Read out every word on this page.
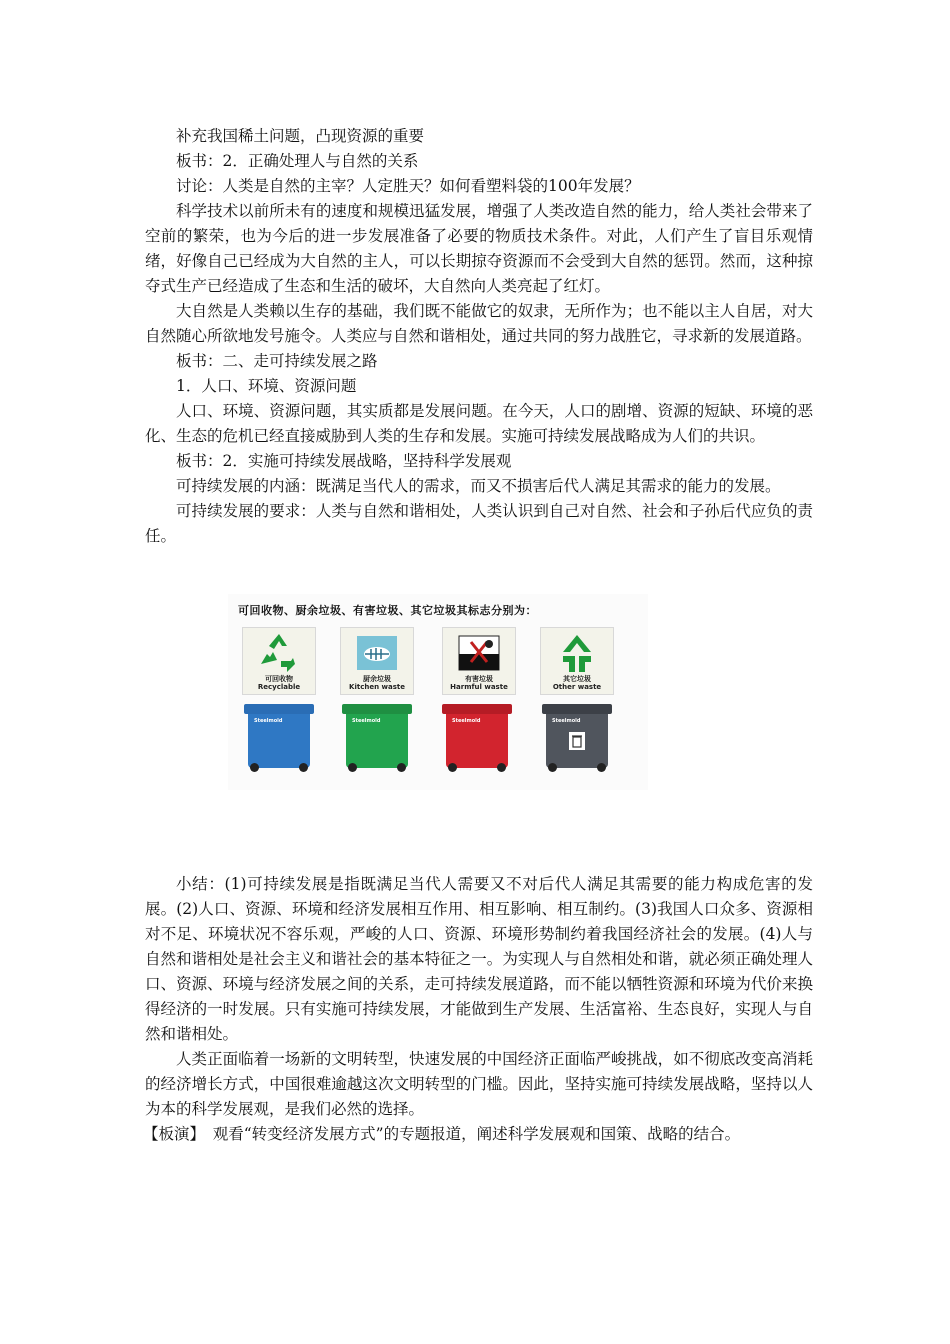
补充我国稀土问题，凸现资源的重要

板书：2．正确处理人与自然的关系

讨论：人类是自然的主宰？人定胜天？如何看塑料袋的100年发展？

科学技术以前所未有的速度和规模迅猛发展，增强了人类改造自然的能力，给人类社会带来了空前的繁荣，也为今后的进一步发展准备了必要的物质技术条件。对此，人们产生了盲目乐观情绪，好像自己已经成为大自然的主人，可以长期掠夺资源而不会受到大自然的惩罚。然而，这种掠夺式生产已经造成了生态和生活的破坏，大自然向人类亮起了红灯。

大自然是人类赖以生存的基础，我们既不能做它的奴隶，无所作为；也不能以主人自居，对大自然随心所欲地发号施令。人类应与自然和谐相处，通过共同的努力战胜它，寻求新的发展道路。

板书：二、走可持续发展之路

1．人口、环境、资源问题

人口、环境、资源问题，其实质都是发展问题。在今天，人口的剧增、资源的短缺、环境的恶化、生态的危机已经直接威胁到人类的生存和发展。实施可持续发展战略成为人们的共识。

板书：2．实施可持续发展战略，坚持科学发展观

可持续发展的内涵：既满足当代人的需求，而又不损害后代人满足其需求的能力的发展。

可持续发展的要求：人类与自然和谐相处，人类认识到自己对自然、社会和子孙后代应负的责任。

可回收物、厨余垃圾、有害垃圾、其它垃圾其标志分别为：
可回收物
Recyclable
厨余垃圾
Kitchen waste
有害垃圾
Harmful waste
其它垃圾
Other waste
Steelmold	Steelmold	Steelmold	Steelmold

小结：(1)可持续发展是指既满足当代人需要又不对后代人满足其需要的能力构成危害的发展。(2)人口、资源、环境和经济发展相互作用、相互影响、相互制约。(3)我国人口众多、资源相对不足、环境状况不容乐观，严峻的人口、资源、环境形势制约着我国经济社会的发展。(4)人与自然和谐相处是社会主义和谐社会的基本特征之一。为实现人与自然相处和谐，就必须正确处理人口、资源、环境与经济发展之间的关系，走可持续发展道路，而不能以牺牲资源和环境为代价来换得经济的一时发展。只有实施可持续发展，才能做到生产发展、生活富裕、生态良好，实现人与自然和谐相处。

人类正面临着一场新的文明转型，快速发展的中国经济正面临严峻挑战，如不彻底改变高消耗的经济增长方式，中国很难逾越这次文明转型的门槛。因此，坚持实施可持续发展战略，坚持以人为本的科学发展观，是我们必然的选择。

【板演】　观看“转变经济发展方式”的专题报道，阐述科学发展观和国策、战略的结合。
